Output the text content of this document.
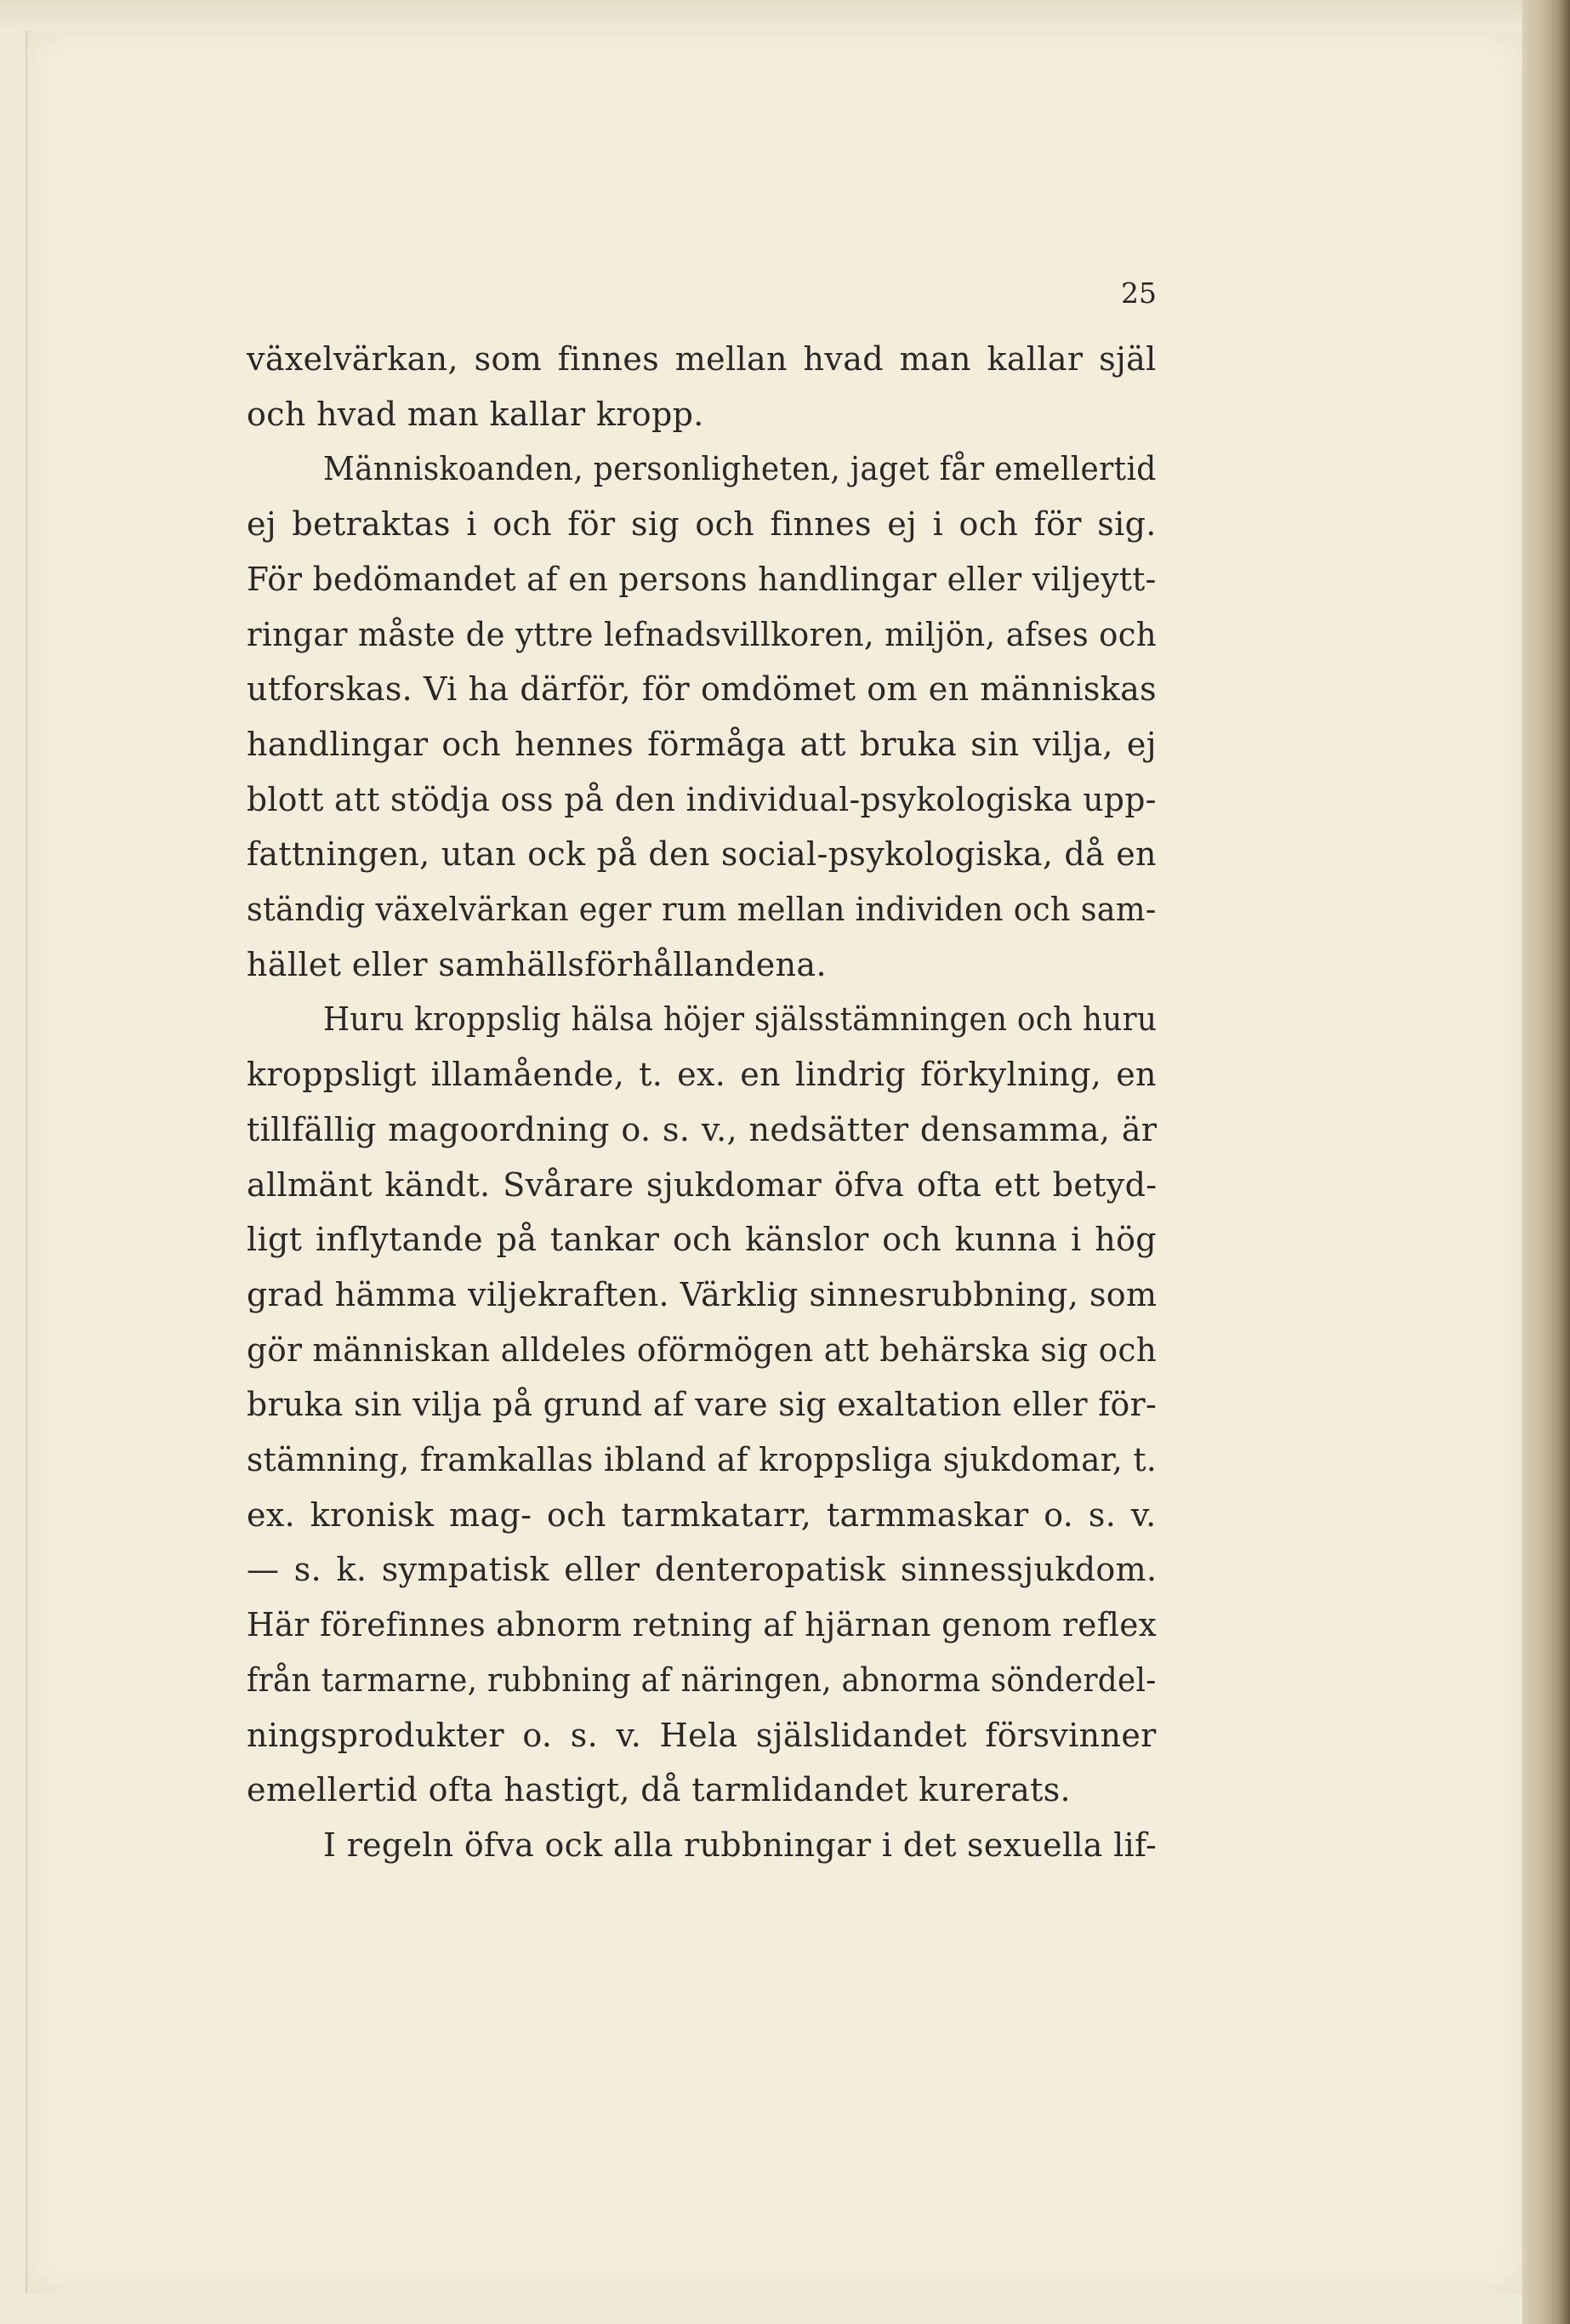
25
växelvärkan, som finnes mellan hvad man kallar själ
och hvad man kallar kropp.
Människoanden, personligheten, jaget får emellertid
ej betraktas i och för sig och finnes ej i och för sig.
För bedömandet af en persons handlingar eller viljeytt-
ringar måste de yttre lefnadsvillkoren, miljön, afses och
utforskas. Vi ha därför, för omdömet om en människas
handlingar och hennes förmåga att bruka sin vilja, ej
blott att stödja oss på den individual-psykologiska upp-
fattningen, utan ock på den social-psykologiska, då en
ständig växelvärkan eger rum mellan individen och sam-
hället eller samhällsförhållandena.
Huru kroppslig hälsa höjer själsstämningen och huru
kroppsligt illamående, t. ex. en lindrig förkylning, en
tillfällig magoordning o. s. v., nedsätter densamma, är
allmänt kändt. Svårare sjukdomar öfva ofta ett betyd-
ligt inflytande på tankar och känslor och kunna i hög
grad hämma viljekraften. Värklig sinnesrubbning, som
gör människan alldeles oförmögen att behärska sig och
bruka sin vilja på grund af vare sig exaltation eller för-
stämning, framkallas ibland af kroppsliga sjukdomar, t.
ex. kronisk mag- och tarmkatarr, tarmmaskar o. s. v.
— s. k. sympatisk eller denteropatisk sinnessjukdom.
Här förefinnes abnorm retning af hjärnan genom reflex
från tarmarne, rubbning af näringen, abnorma sönderdel-
ningsprodukter o. s. v. Hela själslidandet försvinner
emellertid ofta hastigt, då tarmlidandet kurerats.
I regeln öfva ock alla rubbningar i det sexuella lif-
